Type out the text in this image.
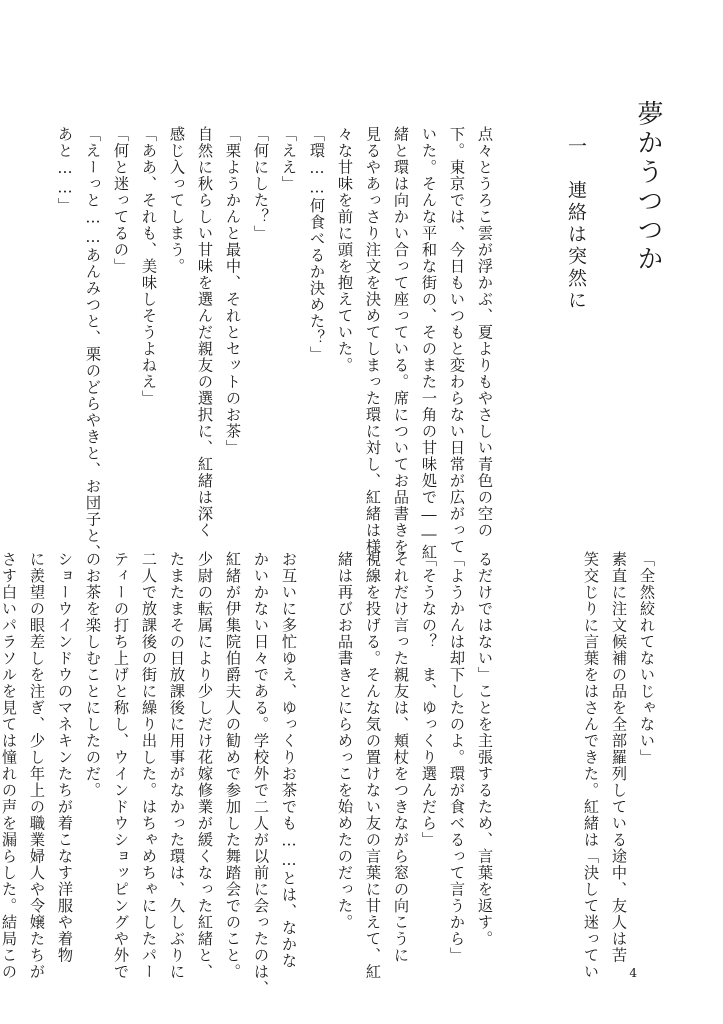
夢かうつつか
一　連絡は突然に
点々とうろこ雲が浮かぶ、夏よりもやさしい青色の空の
下。東京では、今日もいつもと変わらない日常が広がって
いた。そんな平和な街の、そのまた一角の甘味処で――紅
緒と環は向かい合って座っている。席についてお品書きを
見るやあっさり注文を決めてしまった環に対し、紅緒は様
々な甘味を前に頭を抱えていた。
「環……何食べるか決めた？」
「ええ」
「何にした？」
「栗ようかんと最中、それとセットのお茶」
自然に秋らしい甘味を選んだ親友の選択に、紅緒は深く
感じ入ってしまう。
「ああ、それも、美味しそうよねえ」
「何と迷ってるの」
「えーっと……あんみつと、栗のどらやきと、お団子と、
あと……」
「全然絞れてないじゃない」
素直に注文候補の品を全部羅列している途中、友人は苦
笑交じりに言葉をはさんできた。紅緒は「決して迷ってい
るだけではない」ことを主張するため、言葉を返す。
「ようかんは却下したのよ。環が食べるって言うから」
「そうなの？　ま、ゆっくり選んだら」
それだけ言った親友は、頬杖をつきながら窓の向こうに
視線を投げる。そんな気の置けない友の言葉に甘えて、紅
緒は再びお品書きとにらめっこを始めたのだった。

お互いに多忙ゆえ、ゆっくりお茶でも……とは、なかな
かいかない日々である。学校外で二人が以前に会ったのは、
紅緒が伊集院伯爵夫人の勧めで参加した舞踏会でのこと。
少尉の転属により少しだけ花嫁修業が緩くなった紅緒と、
たまたまその日放課後に用事がなかった環は、久しぶりに
二人で放課後の街に繰り出した。はちゃめちゃにしたパー
ティーの打ち上げと称し、ウインドウショッピングや外で
のお茶を楽しむことにしたのだ。
ショーウインドウのマネキンたちが着こなす洋服や着物
に羨望の眼差しを注ぎ、少し年上の職業婦人や令嬢たちが
さす白いパラソルを見ては憧れの声を漏らした。結局この	4
